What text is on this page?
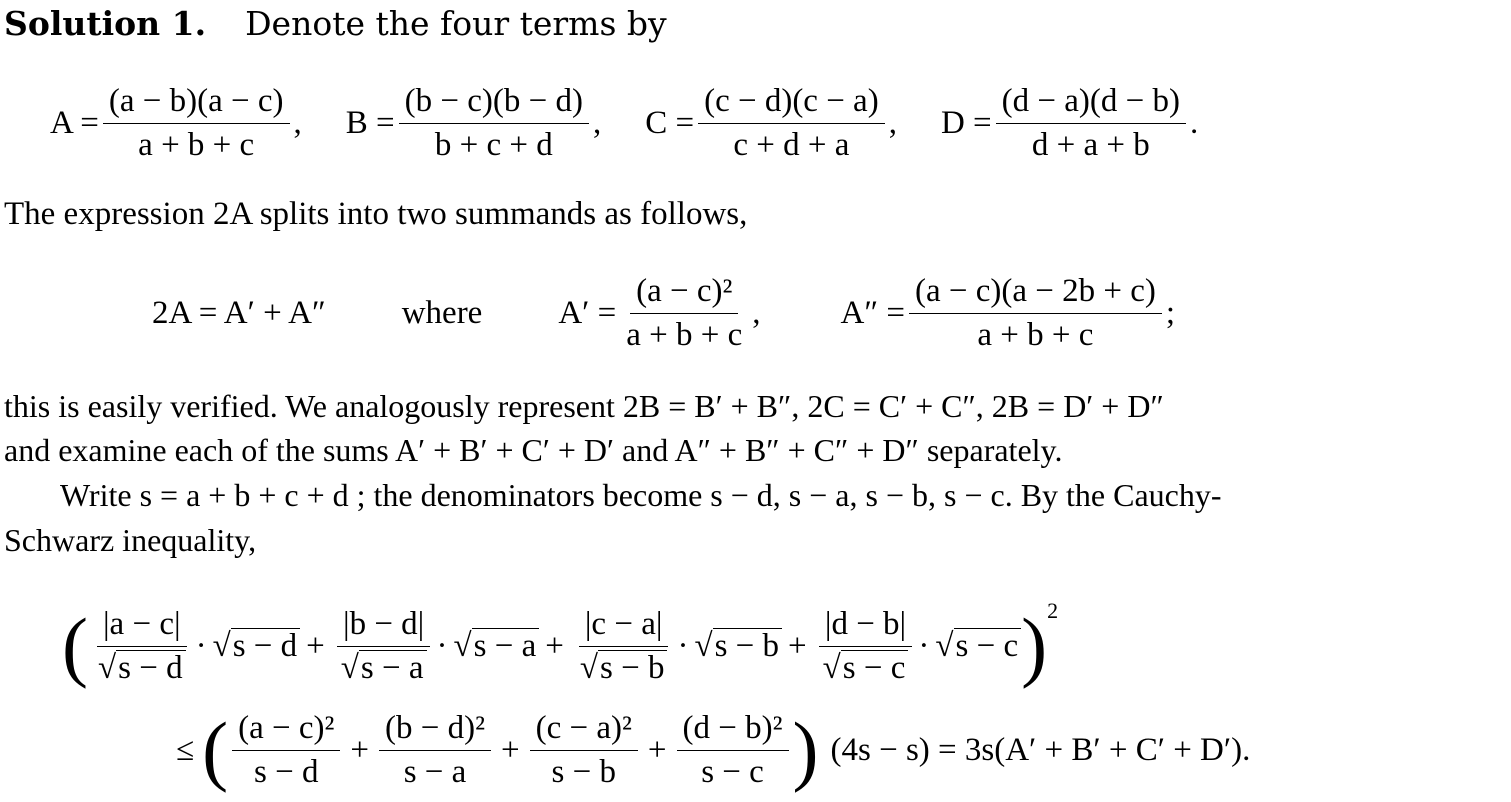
Solution 1. Denote the four terms by
$A = \frac{(a - b)(a - c)}{a + b + c}$ , $B = \frac{(b - c)(b - d)}{b + c + d}$ , $C = \frac{(c - d)(c - a)}{c + d + a}$ , $D = \frac{(d - a)(d - b)}{d + a + b}$ .
The expression 2A splits into two summands as follows,
2A = A′ + A″ where $A' = \frac{\text{(a − c)²}}{a + b + c}$ , $A'' = \frac{(a - c)(a - 2b + c)}{a + b + c}$ ;
this is easily verified. We analogously represent 2B = B′ + B″, 2C = C′ + C″, 2B = D′ + D″
and examine each of the sums A′ + B′ + C′ + D′ and A″ + B″ + C″ + D″ separately.
Write s = a + b + c + d ; the denominators become s − d, s − a, s − b, s − c. By the Cauchy-
Schwarz inequality,
( $\frac{|a - c|}{√s - d} \cdot √s - d + \frac{|b - d|}{√s - a} \cdot √s - a + \frac{|c - a|}{√s - b} \cdot √s - b + \frac{|d - b|}{√s - c} \cdot √s - c$ ) 2
≤ ( $\frac{\text{(a − c)²}}{s - d} + \frac{\text{(b − d)²}}{s - a} + \frac{\text{(c − a)²}}{s - b} + \frac{\text{(d − b)²}}{s - c}$ ) (4s − s) = 3s(A′ + B′ + C′ + D′).
